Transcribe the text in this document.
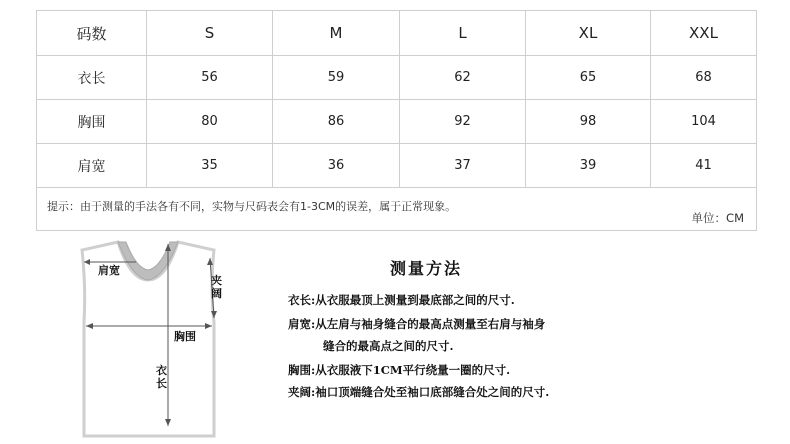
码数	S	M	L	XL	XXL
衣长	56	59	62	65	68
胸围	80	86	92	98	104
肩宽	35	36	37	39	41

提示：由于测量的手法各有不同，实物与尺码表会有1-3CM的误差，属于正常现象。
单位：CM					
肩宽
夹阔
胸围
衣长
测量方法
衣长:从衣服最顶上测量到最底部之间的尺寸.
肩宽:从左肩与袖身缝合的最高点测量至右肩与袖身
缝合的最高点之间的尺寸.
胸围:从衣服液下1CM平行绕量一圈的尺寸.
夹阔:袖口顶端缝合处至袖口底部缝合处之间的尺寸.
